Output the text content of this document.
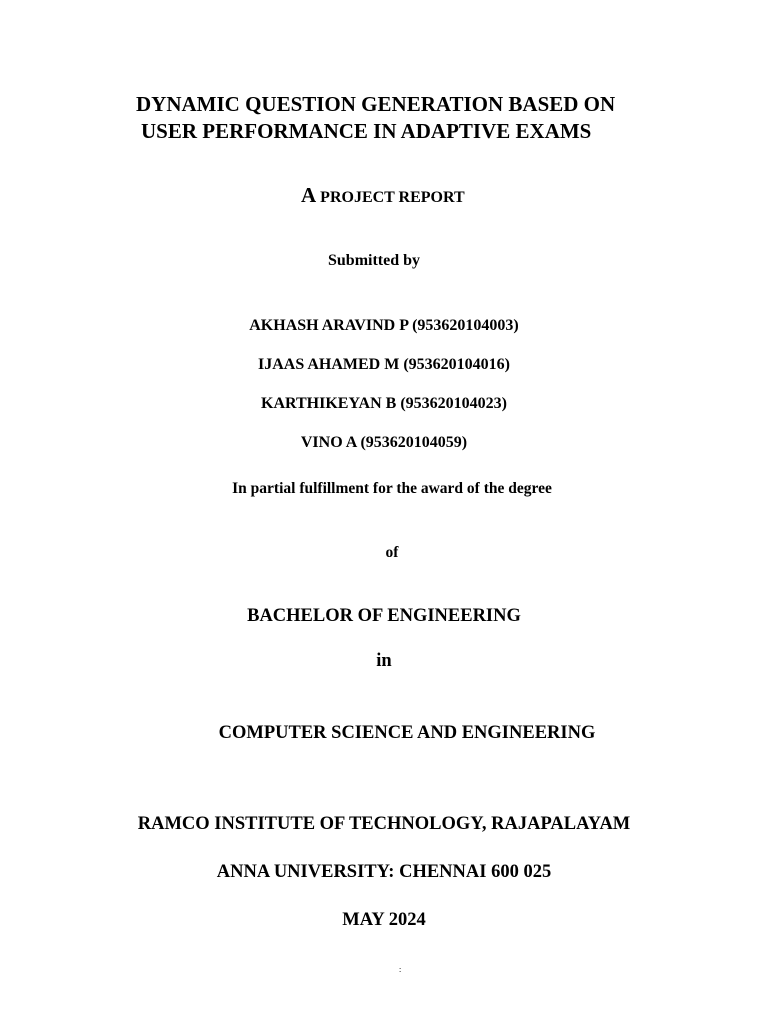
DYNAMIC QUESTION GENERATION BASED ON
USER PERFORMANCE IN ADAPTIVE EXAMS
A PROJECT REPORT
Submitted by
AKHASH ARAVIND P (953620104003)
IJAAS AHAMED M (953620104016)
KARTHIKEYAN B (953620104023)
VINO A (953620104059)
In partial fulfillment for the award of the degree
of
BACHELOR OF ENGINEERING
in
COMPUTER SCIENCE AND ENGINEERING
RAMCO INSTITUTE OF TECHNOLOGY, RAJAPALAYAM
ANNA UNIVERSITY: CHENNAI 600 025
MAY 2024
:
